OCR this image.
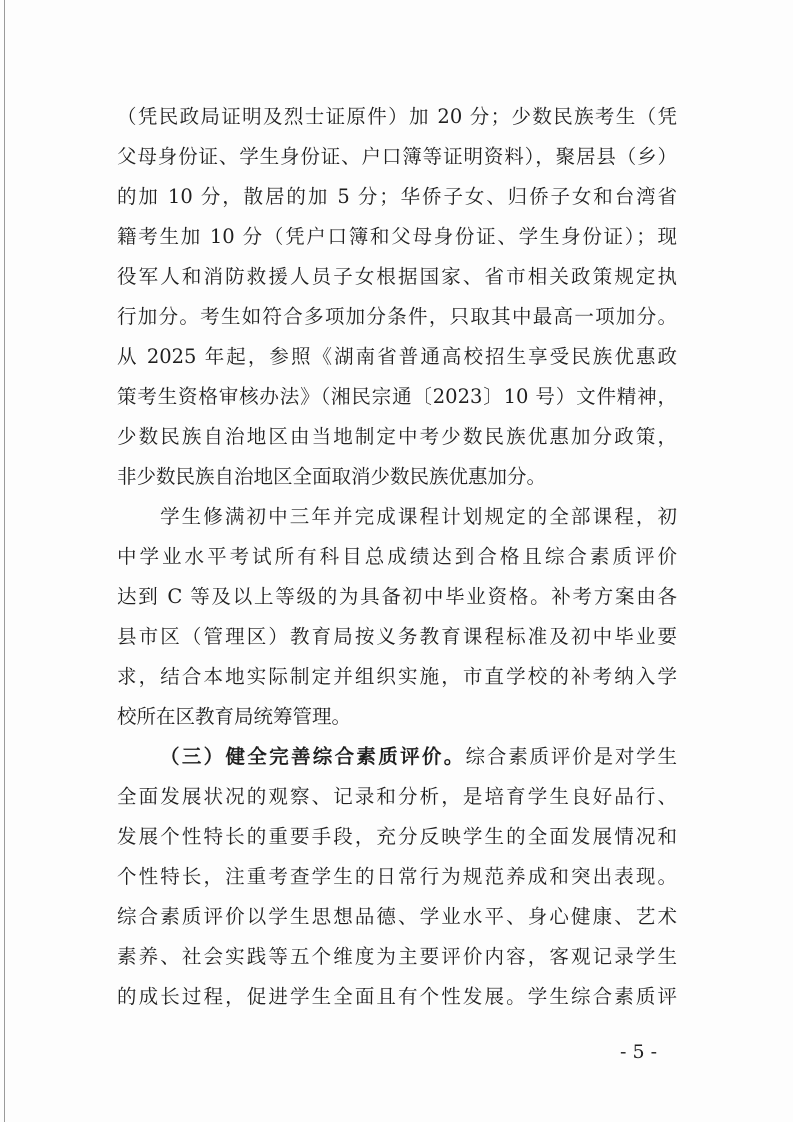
（凭民政局证明及烈士证原件）加 20 分；少数民族考生（凭
父母身份证、学生身份证、户口簿等证明资料），聚居县（乡）
的加 10 分，散居的加 5 分；华侨子女、归侨子女和台湾省
籍考生加 10 分（凭户口簿和父母身份证、学生身份证）；现
役军人和消防救援人员子女根据国家、省市相关政策规定执
行加分。考生如符合多项加分条件，只取其中最高一项加分。
从 2025 年起，参照《湖南省普通高校招生享受民族优惠政
策考生资格审核办法》（湘民宗通〔2023〕10 号）文件精神，
少数民族自治地区由当地制定中考少数民族优惠加分政策，
非少数民族自治地区全面取消少数民族优惠加分。
学生修满初中三年并完成课程计划规定的全部课程，初
中学业水平考试所有科目总成绩达到合格且综合素质评价
达到 C 等及以上等级的为具备初中毕业资格。补考方案由各
县市区（管理区）教育局按义务教育课程标准及初中毕业要
求，结合本地实际制定并组织实施，市直学校的补考纳入学
校所在区教育局统筹管理。
（三）健全完善综合素质评价。综合素质评价是对学生
全面发展状况的观察、记录和分析，是培育学生良好品行、
发展个性特长的重要手段，充分反映学生的全面发展情况和
个性特长，注重考查学生的日常行为规范养成和突出表现。
综合素质评价以学生思想品德、学业水平、身心健康、艺术
素养、社会实践等五个维度为主要评价内容，客观记录学生
的成长过程，促进学生全面且有个性发展。学生综合素质评
- 5 -
